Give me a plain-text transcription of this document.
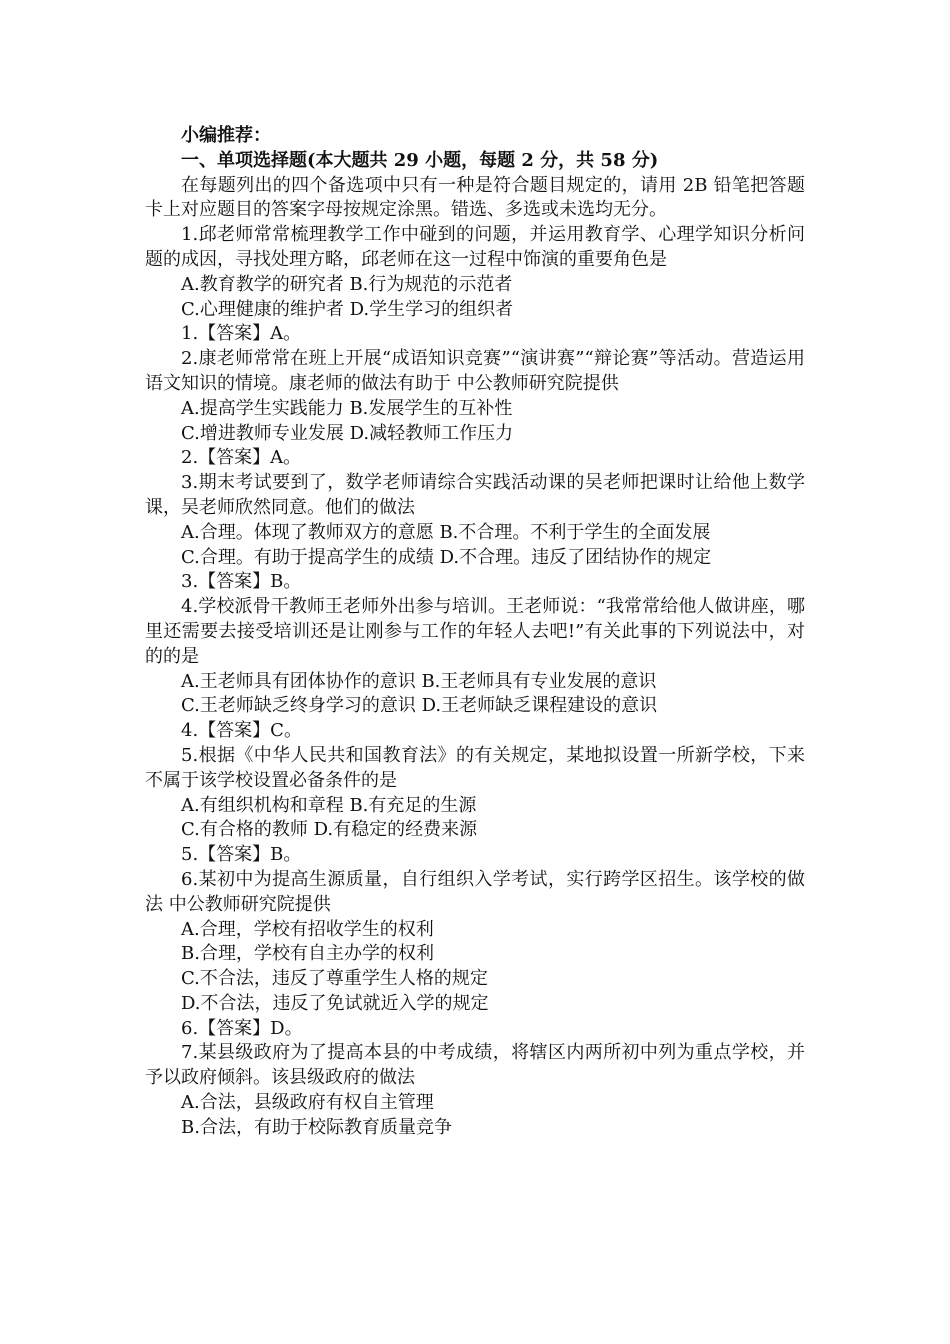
小编推荐：
一、单项选择题(本大题共 29 小题，每题 2 分，共 58 分)
在每题列出的四个备选项中只有一种是符合题目规定的，请用 2B 铅笔把答题卡上对应题目的答案字母按规定涂黑。错选、多选或未选均无分。
1.邱老师常常梳理教学工作中碰到的问题，并运用教育学、心理学知识分析问题的成因，寻找处理方略，邱老师在这一过程中饰演的重要角色是
A.教育教学的研究者 B.行为规范的示范者
C.心理健康的维护者 D.学生学习的组织者
1.【答案】A。
2.康老师常常在班上开展“成语知识竞赛”“演讲赛”“辩论赛”等活动。营造运用语文知识的情境。康老师的做法有助于 中公教师研究院提供
A.提高学生实践能力 B.发展学生的互补性
C.增进教师专业发展 D.减轻教师工作压力
2.【答案】A。
3.期末考试要到了，数学老师请综合实践活动课的吴老师把课时让给他上数学课，吴老师欣然同意。他们的做法
A.合理。体现了教师双方的意愿 B.不合理。不利于学生的全面发展
C.合理。有助于提高学生的成绩 D.不合理。违反了团结协作的规定
3.【答案】B。
4.学校派骨干教师王老师外出参与培训。王老师说：“我常常给他人做讲座，哪里还需要去接受培训还是让刚参与工作的年轻人去吧!”有关此事的下列说法中，对的的是
A.王老师具有团体协作的意识 B.王老师具有专业发展的意识
C.王老师缺乏终身学习的意识 D.王老师缺乏课程建设的意识
4.【答案】C。
5.根据《中华人民共和国教育法》的有关规定，某地拟设置一所新学校，下来不属于该学校设置必备条件的是
A.有组织机构和章程 B.有充足的生源
C.有合格的教师 D.有稳定的经费来源
5.【答案】B。
6.某初中为提高生源质量，自行组织入学考试，实行跨学区招生。该学校的做法 中公教师研究院提供
A.合理，学校有招收学生的权利
B.合理，学校有自主办学的权利
C.不合法，违反了尊重学生人格的规定
D.不合法，违反了免试就近入学的规定
6.【答案】D。
7.某县级政府为了提高本县的中考成绩，将辖区内两所初中列为重点学校，并予以政府倾斜。该县级政府的做法
A.合法，县级政府有权自主管理
B.合法，有助于校际教育质量竞争
